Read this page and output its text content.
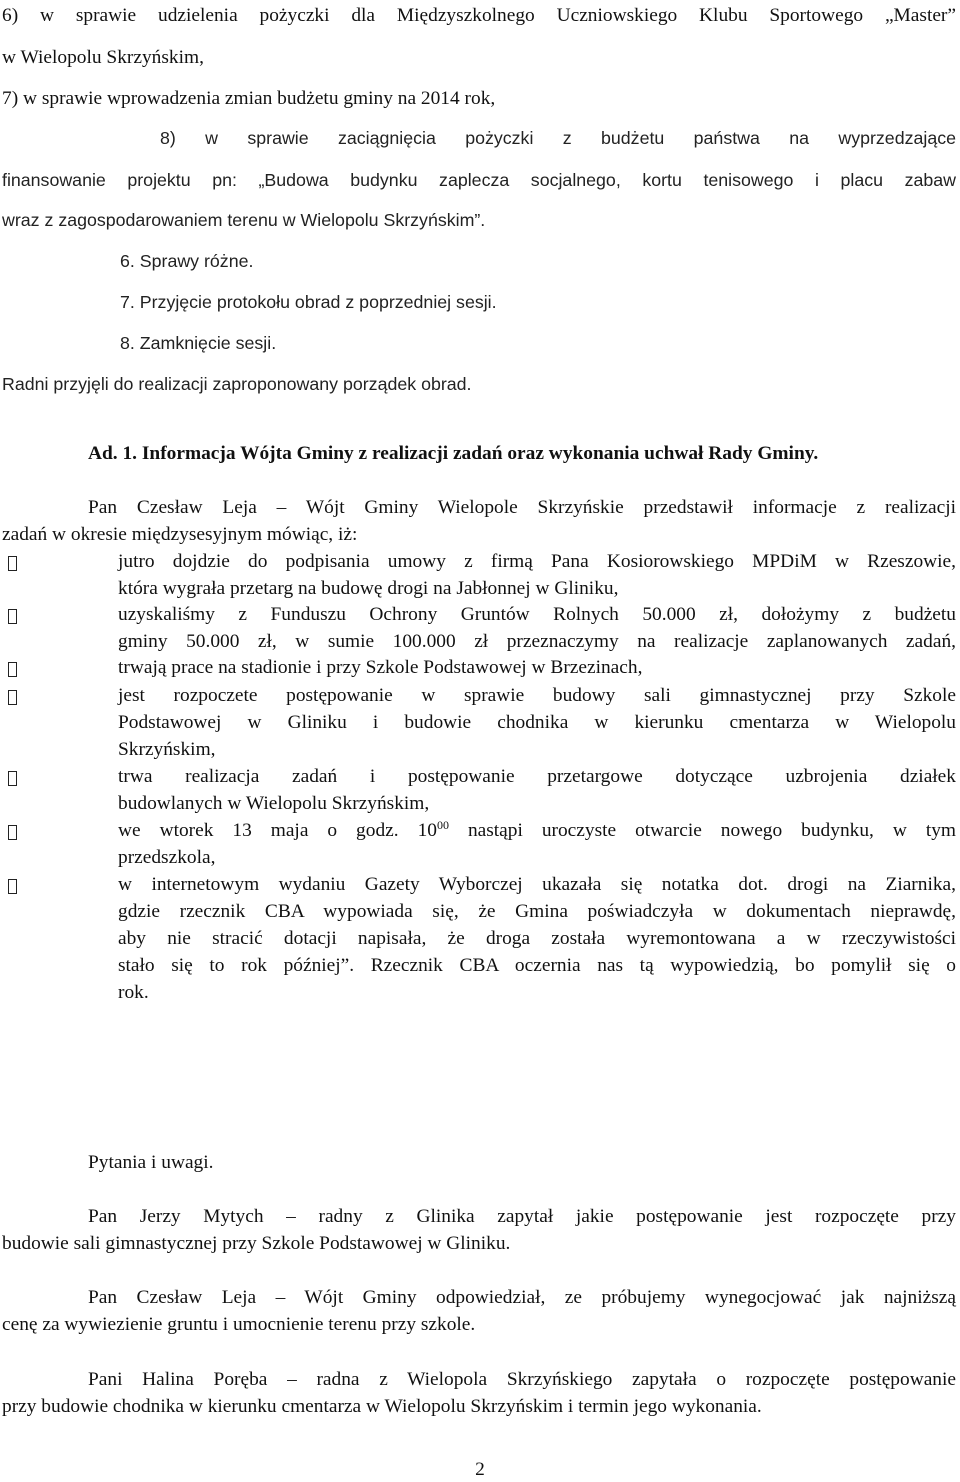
6) w sprawie udzielenia pożyczki dla Międzyszkolnego Uczniowskiego Klubu Sportowego „Master”
w Wielopolu Skrzyńskim,
7) w sprawie wprowadzenia zmian budżetu gminy na 2014 rok,
8) w sprawie zaciągnięcia pożyczki z budżetu państwa na wyprzedzające
finansowanie projektu pn: „Budowa budynku zaplecza socjalnego, kortu tenisowego i placu zabaw
wraz z zagospodarowaniem terenu w Wielopolu Skrzyńskim”.
6. Sprawy różne.
7. Przyjęcie protokołu obrad z poprzedniej sesji.
8. Zamknięcie sesji.
Radni przyjęli do realizacji zaproponowany porządek obrad.
Ad. 1. Informacja Wójta Gminy z realizacji zadań oraz wykonania uchwał Rady Gminy.
Pan Czesław Leja – Wójt Gminy Wielopole Skrzyńskie przedstawił informacje z realizacji
zadań w okresie międzysesyjnym mówiąc, iż:
jutro dojdzie do podpisania umowy z firmą Pana Kosiorowskiego MPDiM w Rzeszowie,
która wygrała przetarg na budowę drogi na Jabłonnej w Gliniku,
uzyskaliśmy z Funduszu Ochrony Gruntów Rolnych 50.000 zł, dołożymy z budżetu
gminy 50.000 zł, w sumie 100.000 zł przeznaczymy na realizacje zaplanowanych zadań,
trwają prace na stadionie i przy Szkole Podstawowej w Brzezinach,
jest rozpoczete postępowanie w sprawie budowy sali gimnastycznej przy Szkole
Podstawowej w Gliniku i budowie chodnika w kierunku cmentarza w Wielopolu
Skrzyńskim,
trwa realizacja zadań i postępowanie przetargowe dotyczące uzbrojenia działek
budowlanych w Wielopolu Skrzyńskim,
we wtorek 13 maja o godz. $10^{00}$ nastąpi uroczyste otwarcie nowego budynku, w tym
przedszkola,
w internetowym wydaniu Gazety Wyborczej ukazała się notatka dot. drogi na Ziarnika,
gdzie rzecznik CBA wypowiada się, że Gmina poświadczyła w dokumentach nieprawdę,
aby nie stracić dotacji napisała, że droga została wyremontowana a w rzeczywistości
stało się to rok później”. Rzecznik CBA oczernia nas tą wypowiedzią, bo pomylił się o
rok.
Pytania i uwagi.
Pan Jerzy Mytych – radny z Glinika zapytał jakie postępowanie jest rozpoczęte przy
budowie sali gimnastycznej przy Szkole Podstawowej w Gliniku.
Pan Czesław Leja – Wójt Gminy odpowiedział, ze próbujemy wynegocjować jak najniższą
cenę za wywiezienie gruntu i umocnienie terenu przy szkole.
Pani Halina Poręba – radna z Wielopola Skrzyńskiego zapytała o rozpoczęte postępowanie
przy budowie chodnika w kierunku cmentarza w Wielopolu Skrzyńskim i termin jego wykonania.
2
